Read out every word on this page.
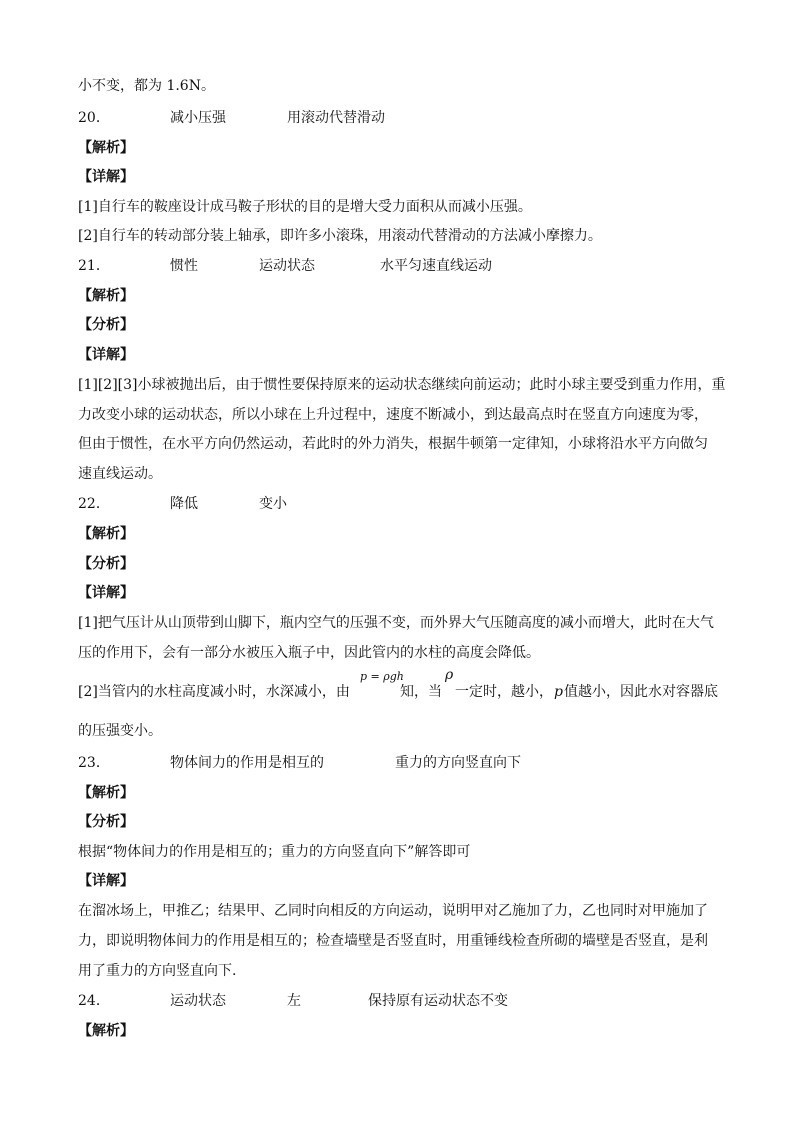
小不变，都为 1.6N。
20．	减小压强	用滚动代替滑动
【解析】
【详解】
[1]自行车的鞍座设计成马鞍子形状的目的是增大受力面积从而减小压强。
[2]自行车的转动部分装上轴承，即许多小滚珠，用滚动代替滑动的方法减小摩擦力。
21．	惯性	运动状态	水平匀速直线运动
【解析】
【分析】
【详解】
[1][2][3]小球被抛出后，由于惯性要保持原来的运动状态继续向前运动；此时小球主要受到重力作用，重
力改变小球的运动状态，所以小球在上升过程中，速度不断减小，到达最高点时在竖直方向速度为零，
但由于惯性，在水平方向仍然运动，若此时的外力消失，根据牛顿第一定律知，小球将沿水平方向做匀
速直线运动。
22．	降低	变小
【解析】
【分析】
【详解】
[1]把气压计从山顶带到山脚下，瓶内空气的压强不变，而外界大气压随高度的减小而增大，此时在大气
压的作用下，会有一部分水被压入瓶子中，因此管内的水柱的高度会降低。
[2]当管内的水柱高度减小时，水深减小，由
p = ρgh
知，当
ρ
一定时，越小， p 值越小，因此水对容器底
的压强变小。
23．	物体间力的作用是相互的	重力的方向竖直向下
【解析】
【分析】
根据“物体间力的作用是相互的；重力的方向竖直向下”解答即可
【详解】
在溜冰场上，甲推乙；结果甲、乙同时向相反的方向运动，说明甲对乙施加了力，乙也同时对甲施加了
力，即说明物体间力的作用是相互的；检查墙壁是否竖直时，用重锤线检查所砌的墙壁是否竖直，是利
用了重力的方向竖直向下.
24．	运动状态	左	保持原有运动状态不变
【解析】
